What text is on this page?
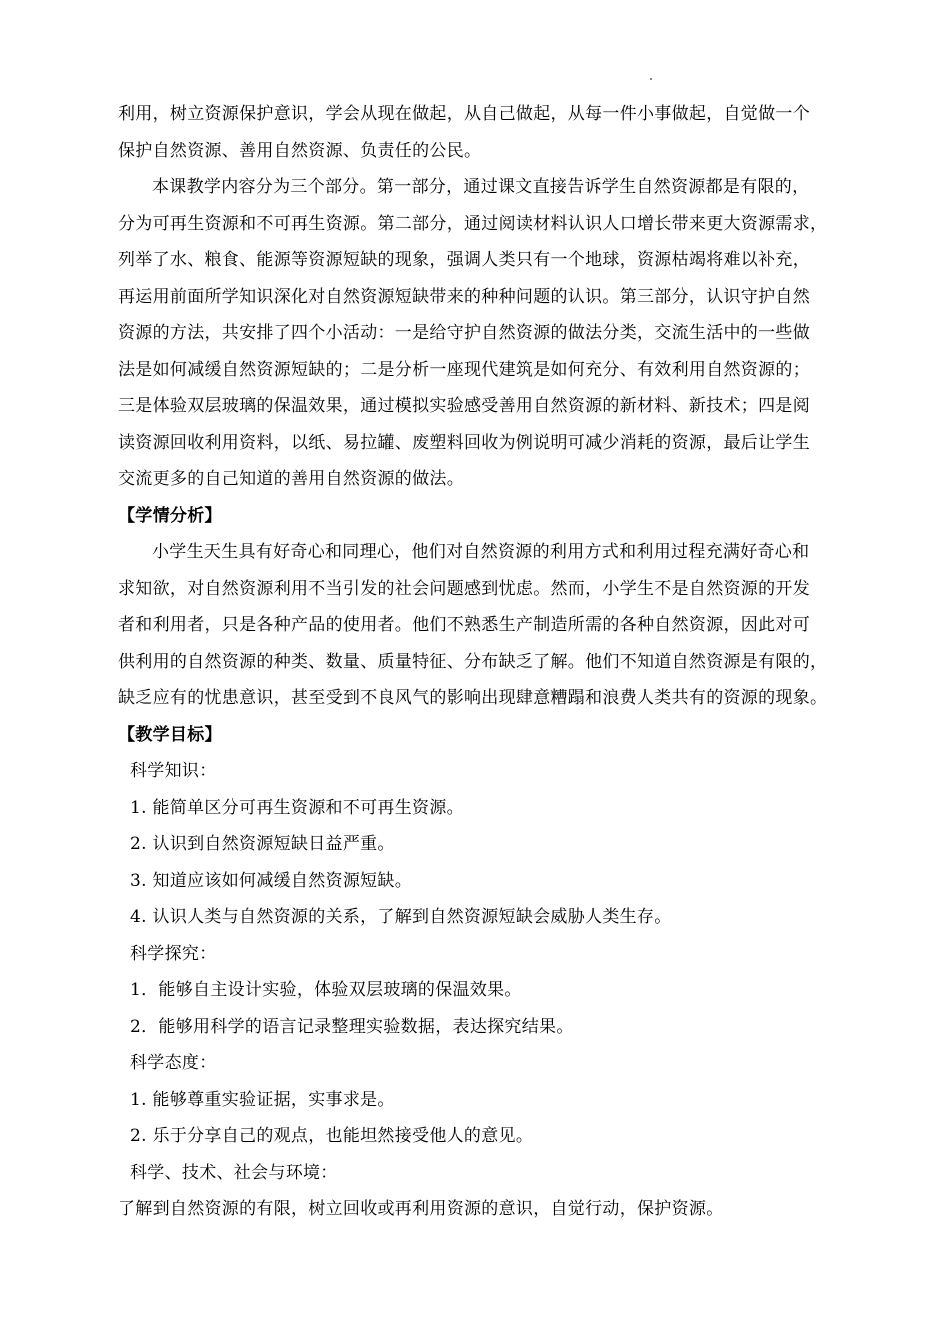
利用，树立资源保护意识，学会从现在做起，从自己做起，从每一件小事做起，自觉做一个
保护自然资源、善用自然资源、负责任的公民。
本课教学内容分为三个部分。第一部分，通过课文直接告诉学生自然资源都是有限的，
分为可再生资源和不可再生资源。第二部分，通过阅读材料认识人口增长带来更大资源需求，
列举了水、粮食、能源等资源短缺的现象，强调人类只有一个地球，资源枯竭将难以补充，
再运用前面所学知识深化对自然资源短缺带来的种种问题的认识。第三部分，认识守护自然
资源的方法，共安排了四个小活动：一是给守护自然资源的做法分类，交流生活中的一些做
法是如何减缓自然资源短缺的；二是分析一座现代建筑是如何充分、有效利用自然资源的；
三是体验双层玻璃的保温效果，通过模拟实验感受善用自然资源的新材料、新技术；四是阅
读资源回收利用资料，以纸、易拉罐、废塑料回收为例说明可减少消耗的资源，最后让学生
交流更多的自己知道的善用自然资源的做法。
【学情分析】
小学生天生具有好奇心和同理心，他们对自然资源的利用方式和利用过程充满好奇心和
求知欲，对自然资源利用不当引发的社会问题感到忧虑。然而，小学生不是自然资源的开发
者和利用者，只是各种产品的使用者。他们不熟悉生产制造所需的各种自然资源，因此对可
供利用的自然资源的种类、数量、质量特征、分布缺乏了解。他们不知道自然资源是有限的，
缺乏应有的忧患意识，甚至受到不良风气的影响出现肆意糟蹋和浪费人类共有的资源的现象。
【教学目标】
科学知识：
1. 能简单区分可再生资源和不可再生资源。
2. 认识到自然资源短缺日益严重。
3. 知道应该如何减缓自然资源短缺。
4. 认识人类与自然资源的关系，了解到自然资源短缺会威胁人类生存。
科学探究：
1．能够自主设计实验，体验双层玻璃的保温效果。
2．能够用科学的语言记录整理实验数据，表达探究结果。
科学态度：
1. 能够尊重实验证据，实事求是。
2. 乐于分享自己的观点，也能坦然接受他人的意见。
科学、技术、社会与环境：
了解到自然资源的有限，树立回收或再利用资源的意识，自觉行动，保护资源。
